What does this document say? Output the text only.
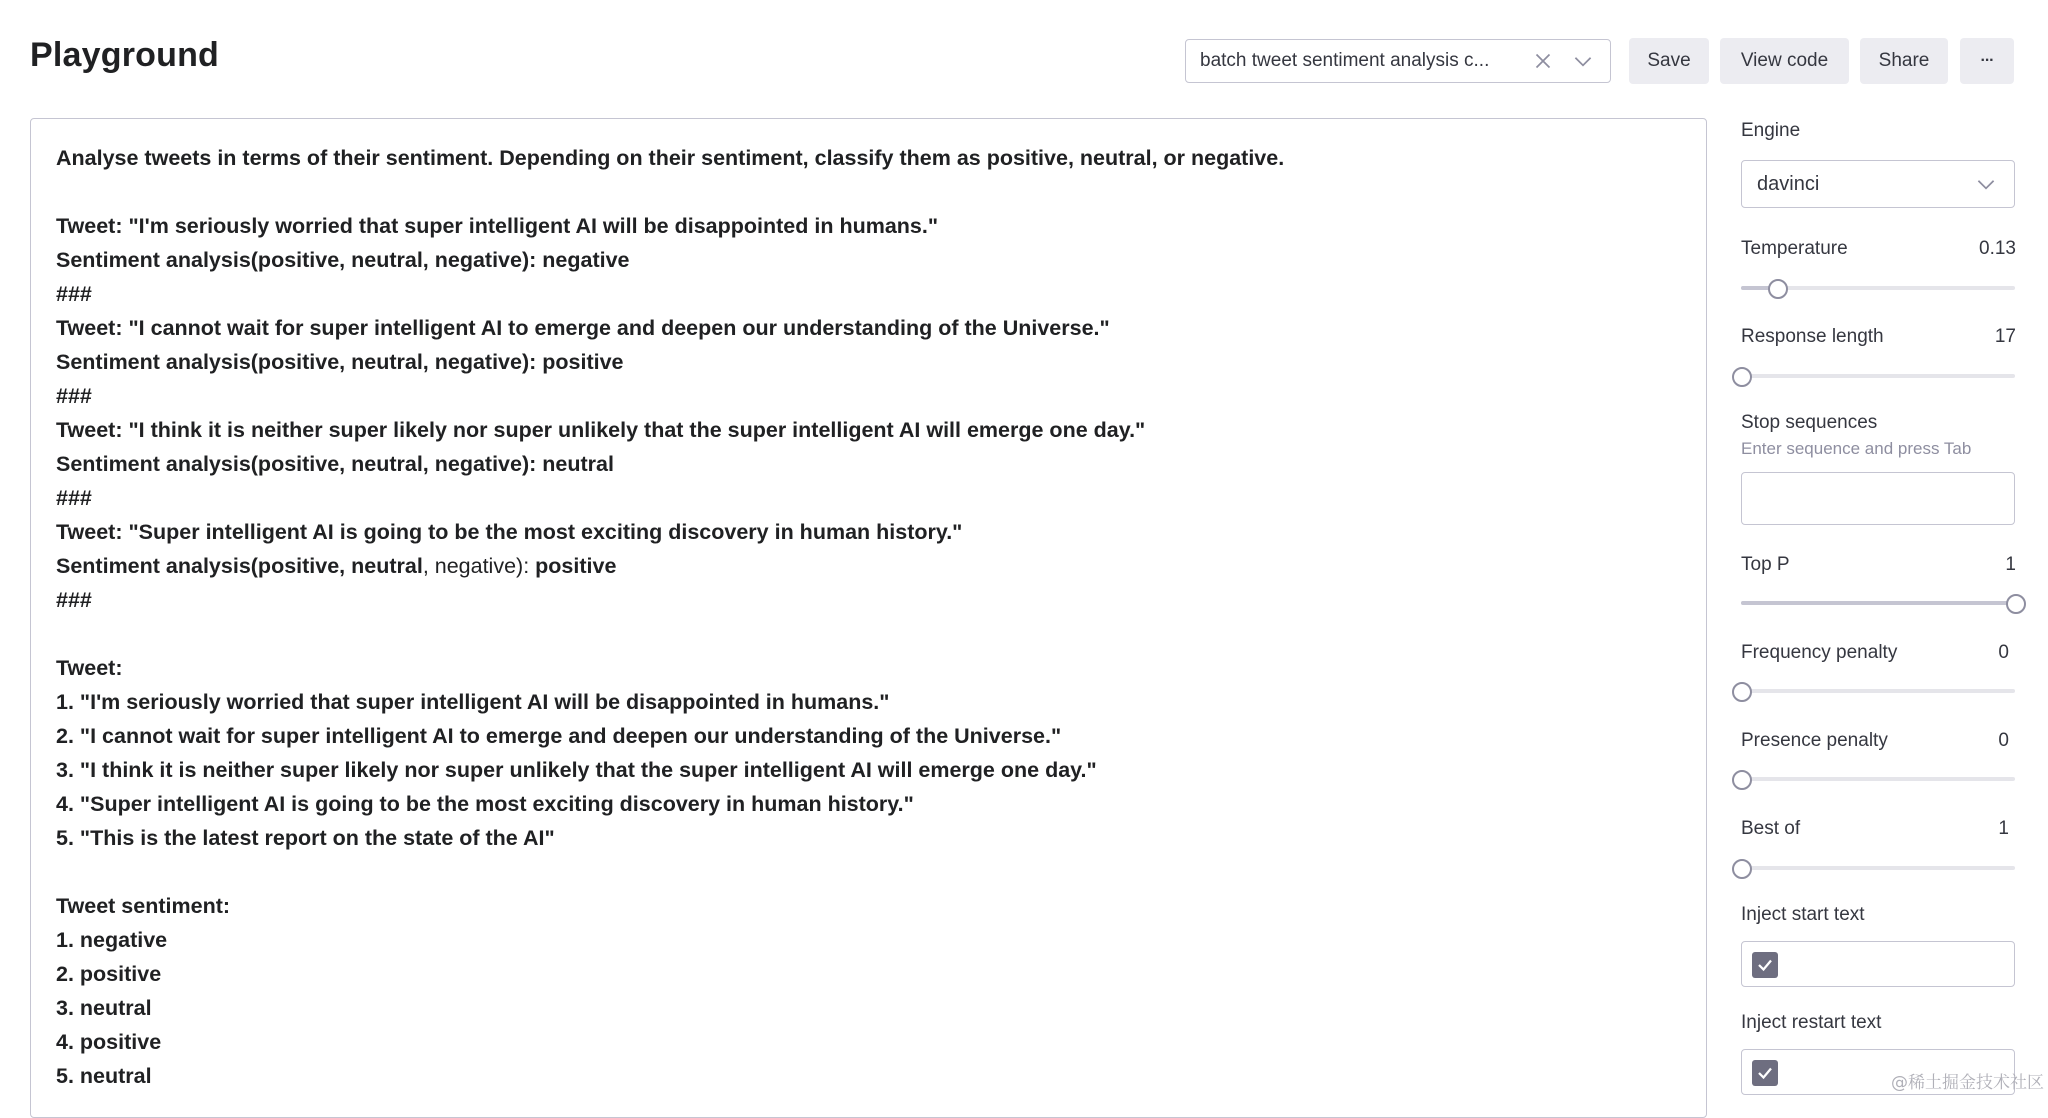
Playground	batch tweet sentiment analysis c...	Save	View code	Share	···
Analyse tweets in terms of their sentiment. Depending on their sentiment, classify them as positive, neutral, or negative.
Tweet: "I'm seriously worried that super intelligent AI will be disappointed in humans."
Sentiment analysis(positive, neutral, negative): negative
###
Tweet: "I cannot wait for super intelligent AI to emerge and deepen our understanding of the Universe."
Sentiment analysis(positive, neutral, negative): positive
###
Tweet: "I think it is neither super likely nor super unlikely that the super intelligent AI will emerge one day."
Sentiment analysis(positive, neutral, negative): neutral
###
Tweet: "Super intelligent AI is going to be the most exciting discovery in human history."
Sentiment analysis(positive, neutral, negative): positive
###
Tweet:
1. "I'm seriously worried that super intelligent AI will be disappointed in humans."
2. "I cannot wait for super intelligent AI to emerge and deepen our understanding of the Universe."
3. "I think it is neither super likely nor super unlikely that the super intelligent AI will emerge one day."
4. "Super intelligent AI is going to be the most exciting discovery in human history."
5. "This is the latest report on the state of the AI"
Tweet sentiment:
1. negative
2. positive
3. neutral
4. positive
5. neutral
Engine
davinci
Temperature	0.13
Response length	17
Stop sequences
Enter sequence and press Tab
Top P	1
Frequency penalty	0
Presence penalty	0
Best of	1
Inject start text
Inject restart text
@稀土掘金技术社区
